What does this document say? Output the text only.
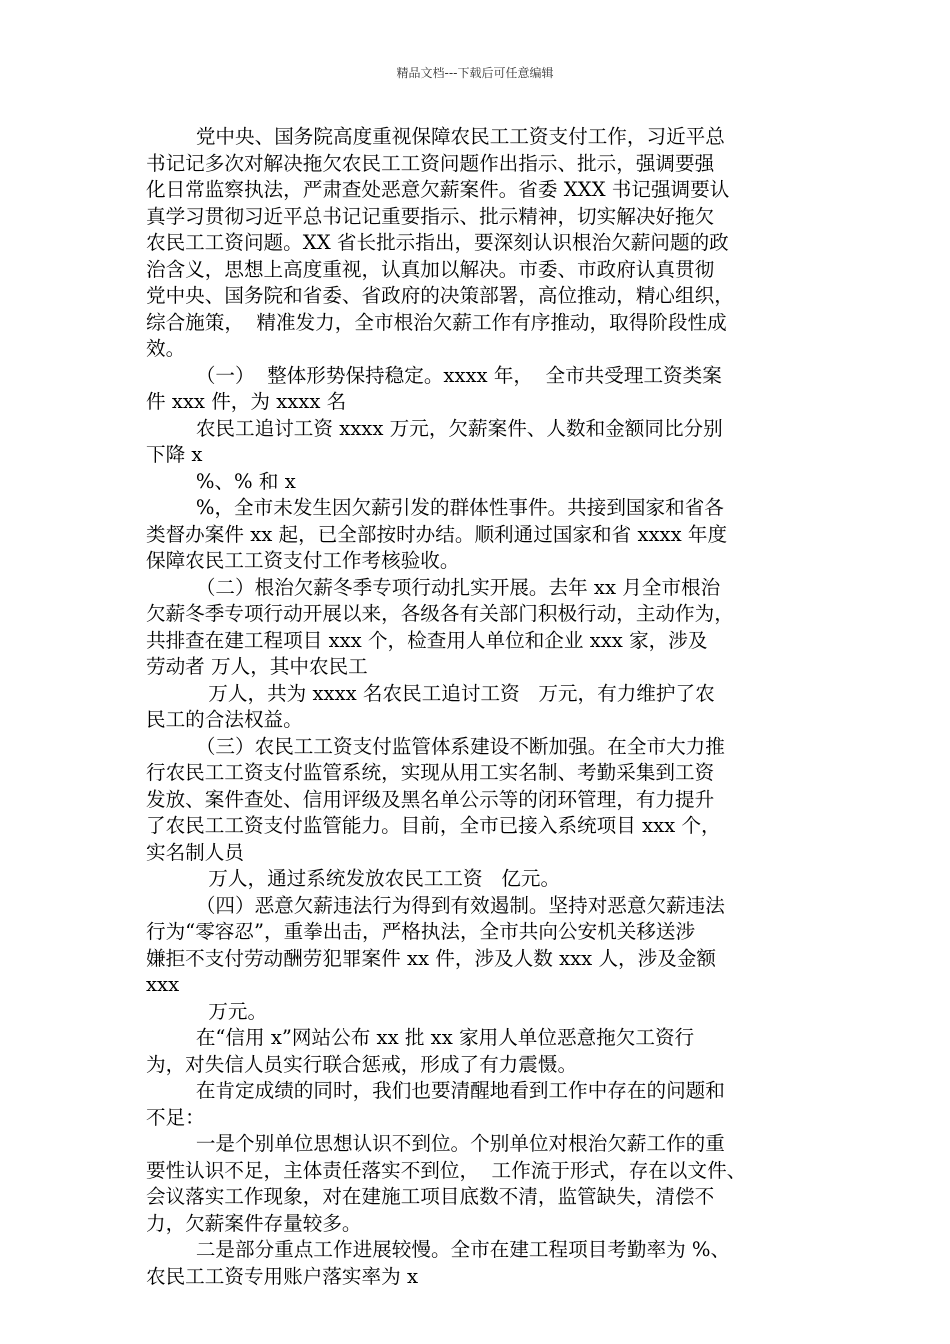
精品文档---下载后可任意编辑
党中央、国务院高度重视保障农民工工资支付工作，习近平总
书记记多次对解决拖欠农民工工资问题作出指示、批示，强调要强
化日常监察执法，严肃查处恶意欠薪案件。省委 XXX 书记强调要认
真学习贯彻习近平总书记记重要指示、批示精神，切实解决好拖欠
农民工工资问题。XX 省长批示指出，要深刻认识根治欠薪问题的政
治含义，思想上高度重视，认真加以解决。市委、市政府认真贯彻
党中央、国务院和省委、省政府的决策部署，高位推动，精心组织，
综合施策，  精准发力，全市根治欠薪工作有序推动，取得阶段性成
效。
（一）  整体形势保持稳定。xxxx 年，  全市共受理工资类案
件 xxx 件，为 xxxx 名
农民工追讨工资 xxxx 万元，欠薪案件、人数和金额同比分别
下降 x
%、% 和 x
%，全市未发生因欠薪引发的群体性事件。共接到国家和省各
类督办案件 xx 起，已全部按时办结。顺利通过国家和省 xxxx 年度
保障农民工工资支付工作考核验收。
（二）根治欠薪冬季专项行动扎实开展。去年 xx 月全市根治
欠薪冬季专项行动开展以来，各级各有关部门积极行动，主动作为，
共排查在建工程项目 xxx 个，检查用人单位和企业 xxx 家，涉及
劳动者 万人，其中农民工
万人，共为 xxxx 名农民工追讨工资   万元，有力维护了农
民工的合法权益。
（三）农民工工资支付监管体系建设不断加强。在全市大力推
行农民工工资支付监管系统，实现从用工实名制、考勤采集到工资
发放、案件查处、信用评级及黑名单公示等的闭环管理，有力提升
了农民工工资支付监管能力。目前，全市已接入系统项目 xxx 个，
实名制人员
万人，通过系统发放农民工工资   亿元。
（四）恶意欠薪违法行为得到有效遏制。坚持对恶意欠薪违法
行为“零容忍”，重拳出击，严格执法，全市共向公安机关移送涉
嫌拒不支付劳动酬劳犯罪案件 xx 件，涉及人数 xxx 人，涉及金额
xxx
万元。
在“信用 x”网站公布 xx 批 xx 家用人单位恶意拖欠工资行
为，对失信人员实行联合惩戒，形成了有力震慑。
在肯定成绩的同时，我们也要清醒地看到工作中存在的问题和
不足：
一是个别单位思想认识不到位。个别单位对根治欠薪工作的重
要性认识不足，主体责任落实不到位，  工作流于形式，存在以文件、
会议落实工作现象，对在建施工项目底数不清，监管缺失，清偿不
力，欠薪案件存量较多。
二是部分重点工作进展较慢。全市在建工程项目考勤率为 %、
农民工工资专用账户落实率为 x
